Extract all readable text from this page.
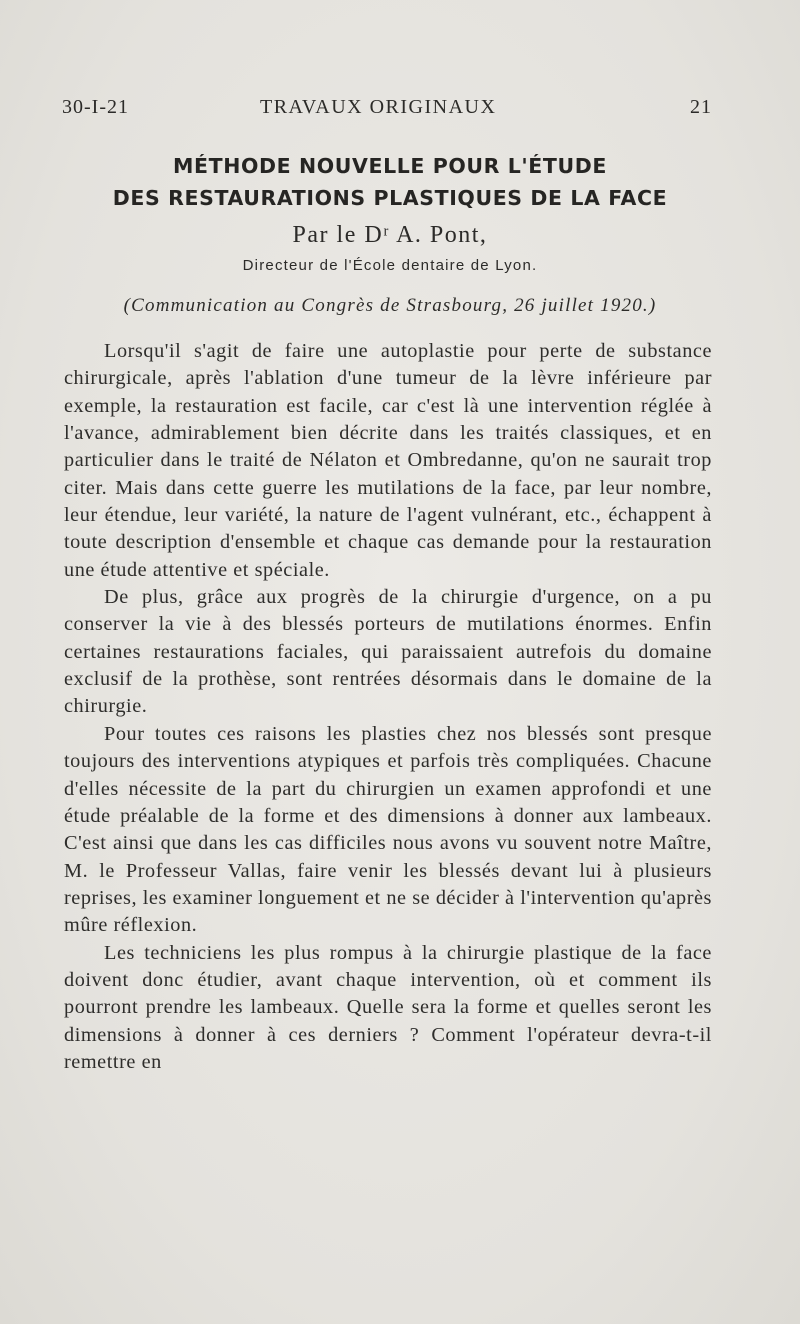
30-I-21	TRAVAUX ORIGINAUX	21
MÉTHODE NOUVELLE POUR L'ÉTUDE
DES RESTAURATIONS PLASTIQUES DE LA FACE
Par le Dʳ A. Pont,
Directeur de l'École dentaire de Lyon.
(Communication au Congrès de Strasbourg, 26 juillet 1920.)

Lorsqu'il s'agit de faire une autoplastie pour perte de substance chirurgicale, après l'ablation d'une tumeur de la lèvre inférieure par exemple, la restauration est facile, car c'est là une intervention réglée à l'avance, admirablement bien décrite dans les traités classiques, et en particulier dans le traité de Nélaton et Ombredanne, qu'on ne saurait trop citer. Mais dans cette guerre les mutilations de la face, par leur nombre, leur étendue, leur variété, la nature de l'agent vulnérant, etc., échappent à toute description d'ensemble et chaque cas demande pour la restauration une étude attentive et spéciale.

De plus, grâce aux progrès de la chirurgie d'urgence, on a pu conserver la vie à des blessés porteurs de mutilations énormes. Enfin certaines restaurations faciales, qui paraissaient autrefois du domaine exclusif de la prothèse, sont rentrées désormais dans le domaine de la chirurgie.

Pour toutes ces raisons les plasties chez nos blessés sont presque toujours des interventions atypiques et parfois très compliquées. Chacune d'elles nécessite de la part du chirurgien un examen approfondi et une étude préalable de la forme et des dimensions à donner aux lambeaux. C'est ainsi que dans les cas difficiles nous avons vu souvent notre Maître, M. le Professeur Vallas, faire venir les blessés devant lui à plusieurs reprises, les examiner longuement et ne se décider à l'intervention qu'après mûre réflexion.

Les techniciens les plus rompus à la chirurgie plastique de la face doivent donc étudier, avant chaque intervention, où et comment ils pourront prendre les lambeaux. Quelle sera la forme et quelles seront les dimensions à donner à ces derniers ? Comment l'opérateur devra-t-il remettre en
